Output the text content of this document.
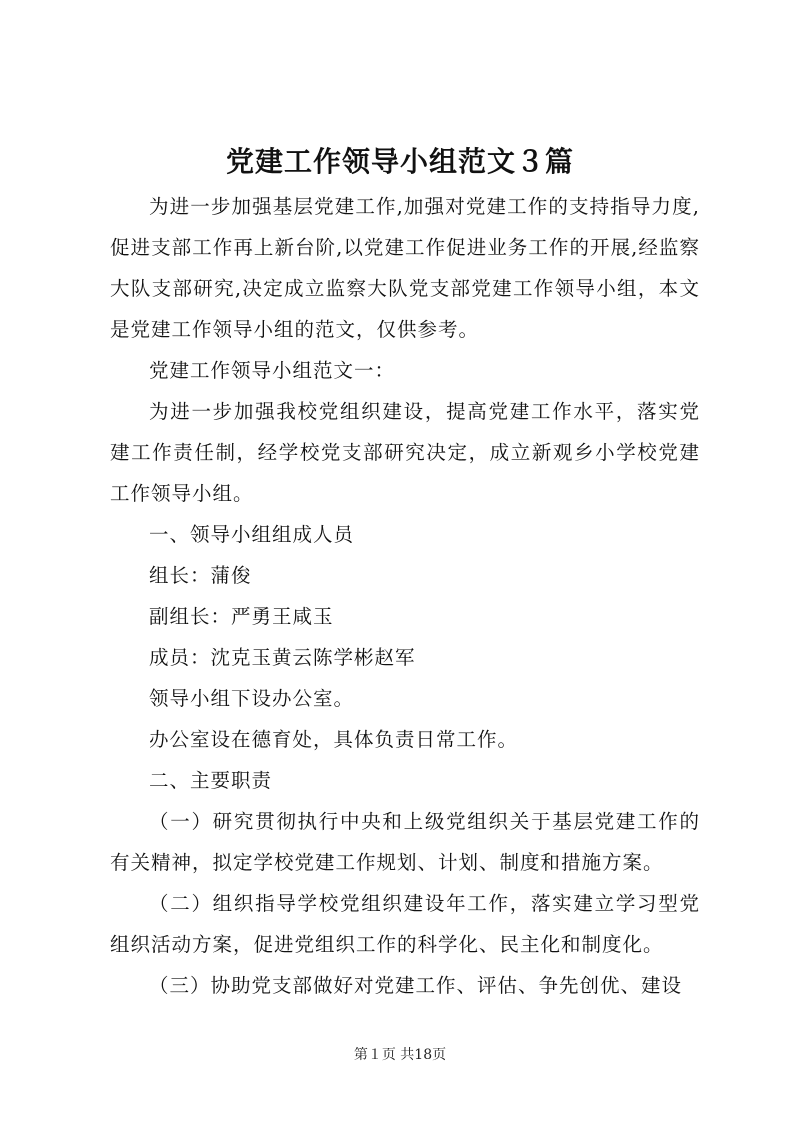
党建工作领导小组范文３篇

为进一步加强基层党建工作,加强对党建工作的支持指导力度,促进支部工作再上新台阶,以党建工作促进业务工作的开展,经监察大队支部研究,决定成立监察大队党支部党建工作领导小组，本文是党建工作领导小组的范文，仅供参考。

党建工作领导小组范文一：

为进一步加强我校党组织建设，提高党建工作水平，落实党建工作责任制，经学校党支部研究决定，成立新观乡小学校党建工作领导小组。

一、领导小组组成人员

组长：蒲俊

副组长：严勇王咸玉

成员：沈克玉黄云陈学彬赵军

领导小组下设办公室。

办公室设在德育处，具体负责日常工作。

二、主要职责

（一）研究贯彻执行中央和上级党组织关于基层党建工作的有关精神，拟定学校党建工作规划、计划、制度和措施方案。

（二）组织指导学校党组织建设年工作，落实建立学习型党组织活动方案，促进党组织工作的科学化、民主化和制度化。

（三）协助党支部做好对党建工作、评估、争先创优、建设

第１页 共18页
